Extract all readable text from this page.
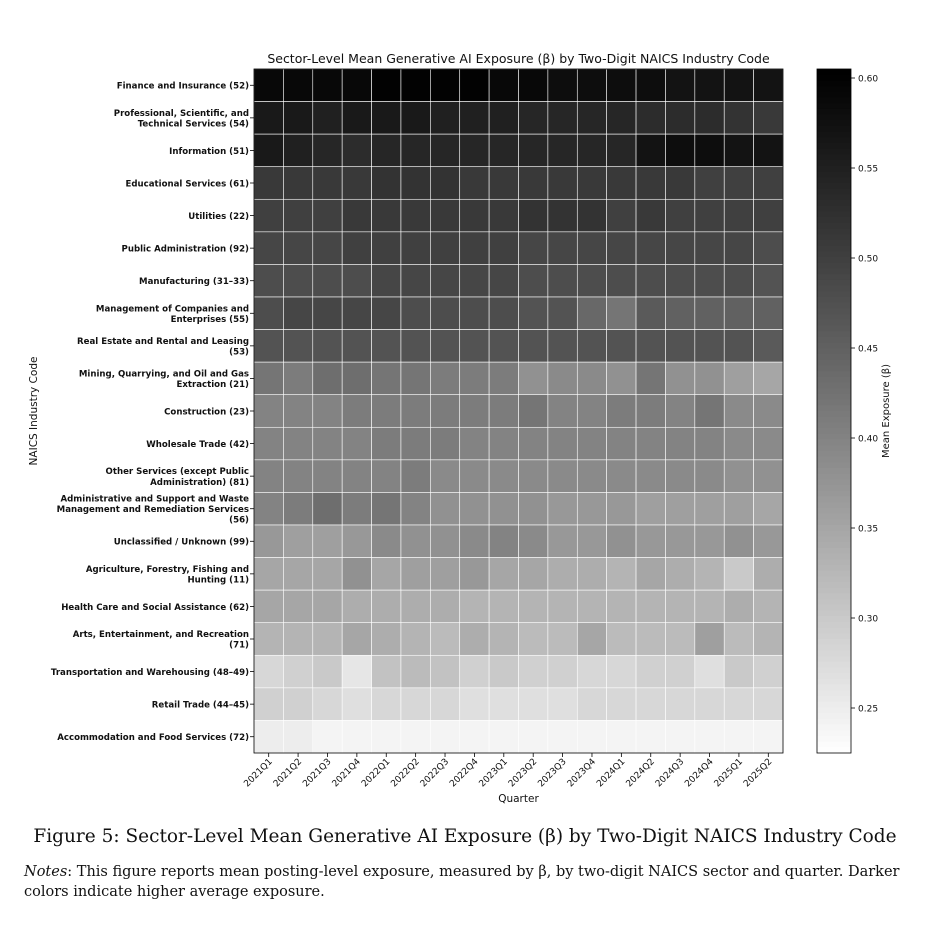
Sector-Level Mean Generative AI Exposure (β) by Two-Digit NAICS Industry Code
Finance and Insurance (52)
Professional, Scientific, and Technical Services (54)
Information (51)
Educational Services (61)
Utilities (22)
Public Administration (92)
Manufacturing (31–33)
Management of Companies and Enterprises (55)
Real Estate and Rental and Leasing (53)
Mining, Quarrying, and Oil and Gas Extraction (21)
Construction (23)
Wholesale Trade (42)
Other Services (except Public Administration) (81)
Administrative and Support and Waste Management and Remediation Services (56)
Unclassified / Unknown (99)
Agriculture, Forestry, Fishing and Hunting (11)
Health Care and Social Assistance (62)
Arts, Entertainment, and Recreation (71)
Transportation and Warehousing (48–49)
Retail Trade (44–45)
Accommodation and Food Services (72)
2021Q1
2021Q2
2021Q3
2021Q4
2022Q1
2022Q2
2022Q3
2022Q4
2023Q1
2023Q2
2023Q3
2023Q4
2024Q1
2024Q2
2024Q3
2024Q4
2025Q1
2025Q2
Quarter
NAICS Industry Code
0.60
0.55
0.50
0.45
0.40
0.35
0.30
0.25
Mean Exposure (β)
Figure 5: Sector-Level Mean Generative AI Exposure (β) by Two-Digit NAICS Industry Code
Notes: This figure reports mean posting-level exposure, measured by β, by two-digit NAICS sector and quarter. Darker colors indicate higher average exposure.
